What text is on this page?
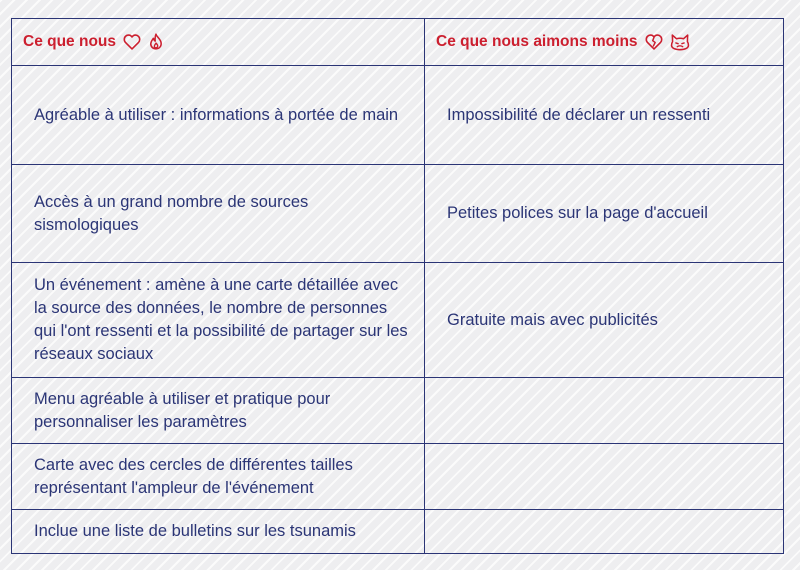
Ce que nous	Ce que nous aimons moins
Agréable à utiliser : informations à portée de main	Impossibilité de déclarer un ressenti
Accès à un grand nombre de sources sismologiques	Petites polices sur la page d'accueil
Un événement : amène à une carte détaillée avec la source des données, le nombre de personnes qui l'ont ressenti et la possibilité de partager sur les réseaux sociaux	Gratuite mais avec publicités
Menu agréable à utiliser et pratique pour personnaliser les paramètres	
Carte avec des cercles de différentes tailles représentant l'ampleur de l'événement	
Inclue une liste de bulletins sur les tsunamis	
